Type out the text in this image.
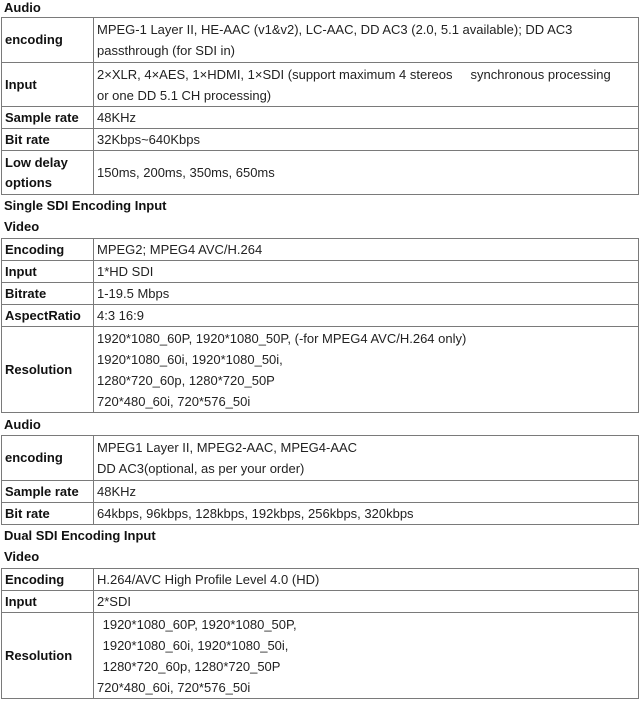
Audio
encoding	MPEG-1 Layer II, HE-AAC (v1&v2), LC-AAC, DD AC3 (2.0, 5.1 available); DD AC3
passthrough (for SDI in)

Input	2×XLR, 4×AES, 1×HDMI, 1×SDI (support maximum 4 stereos     synchronous processing
or one DD 5.1 CH processing)

Sample rate	48KHz
Bit rate	32Kbps~640Kbps

Low delay
options	150ms, 200ms, 350ms, 650ms
Single SDI Encoding Input
Video
Encoding	MPEG2; MPEG4 AVC/H.264
Input	1*HD SDI
Bitrate	1-19.5 Mbps
AspectRatio	4:3 16:9
Resolution	1920*1080_60P, 1920*1080_50P, (-for MPEG4 AVC/H.264 only)
1920*1080_60i, 1920*1080_50i,
1280*720_60p, 1280*720_50P
720*480_60i, 720*576_50i
Audio
encoding	MPEG1 Layer II, MPEG2-AAC, MPEG4-AAC
DD AC3(optional, as per your order)

Sample rate	48KHz
Bit rate	64kbps, 96kbps, 128kbps, 192kbps, 256kbps, 320kbps
Dual SDI Encoding Input
Video
Encoding	H.264/AVC High Profile Level 4.0 (HD)
Input	2*SDI
Resolution	1920*1080_60P, 1920*1080_50P,
1920*1080_60i, 1920*1080_50i,
1280*720_60p, 1280*720_50P
720*480_60i, 720*576_50i
